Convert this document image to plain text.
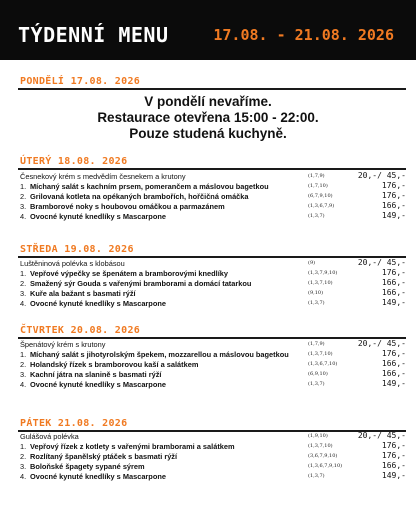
TÝDENNÍ MENU	17.08. - 21.08. 2026
PONDĚLÍ 17.08. 2026
V pondělí nevaříme.
Restaurace otevřena 15:00 - 22:00.
Pouze studená kuchyně.
ÚTERÝ 18.08. 2026
Česnekový krém s medvědím česnekem a krutony	(1,7,9)	20,-/ 45,-
1. Míchaný salát s kachním prsem, pomerančem a máslovou bagetkou	(1,7,10)	176,-
2. Grilovaná kotleta na opékaných brambořích, hořčičná omáčka	(6,7,9,10)	176,-
3. Bramborové noky s houbovou omáčkou a parmazánem	(1,3,6,7,9)	166,-
4. Ovocné kynuté knedlíky s Mascarpone	(1,3,7)	149,-
STŘEDA 19.08. 2026
Luštěninová polévka s klobásou	(9)	20,-/ 45,-
1. Vepřové výpečky se špenátem a bramborovými knedlíky	(1,3,7,9,10)	176,-
2. Smažený sýr Gouda s vařenými bramborami a domácí tatarkou	(1,3,7,10)	166,-
3. Kuře ala bažant s basmati rýží	(9,10)	166,-
4. Ovocné kynuté knedlíky s Mascarpone	(1,3,7)	149,-
ČTVRTEK 20.08. 2026
Špenátový krém s krutony	(1,7,9)	20,-/ 45,-
1. Míchaný salát s jihotyrolským špekem, mozzarellou a máslovou bagetkou	(1,3,7,10)	176,-
2. Holandský řízek s bramborovou kaší a salátkem	(1,3,6,7,10)	166,-
3. Kachní játra na slanině s basmati rýží	(6,9,10)	166,-
4. Ovocné kynuté knedlíky s Mascarpone	(1,3,7)	149,-
PÁTEK 21.08. 2026
Gulášová polévka	(1,9,10)	20,-/ 45,-
1. Vepřový řízek z kotlety s vařenými bramborami a salátkem	(1,3,7,10)	176,-
2. Rozlítaný španělský ptáček s basmati rýží	(3,6,7,9,10)	176,-
3. Boloňské špagety sypané sýrem	(1,3,6,7,9,10)	166,-
4. Ovocné kynuté knedlíky s Mascarpone	(1,3,7)	149,-
